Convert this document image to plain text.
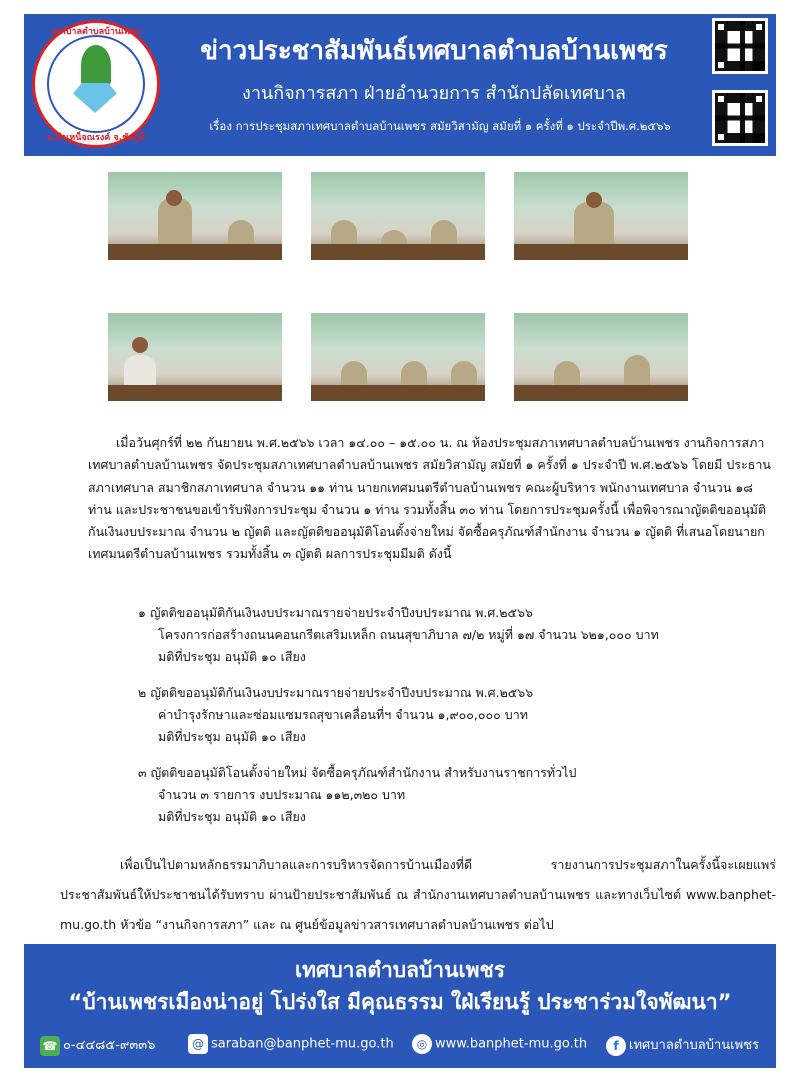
เทศบาลตำบลบ้านเพชร
อ.บำเหน็จณรงค์ จ.ชัยภูมิ
ข่าวประชาสัมพันธ์เทศบาลตำบลบ้านเพชร
งานกิจการสภา ฝ่ายอำนวยการ สำนักปลัดเทศบาล
เรื่อง การประชุมสภาเทศบาลตำบลบ้านเพชร สมัยวิสามัญ สมัยที่ ๑ ครั้งที่ ๑ ประจำปีพ.ศ.๒๕๖๖

เมื่อวันศุกร์ที่ ๒๒ กันยายน พ.ศ.๒๕๖๖ เวลา ๑๔.๐๐ – ๑๕.๐๐ น. ณ ห้องประชุมสภาเทศบาลตำบลบ้านเพชร งานกิจการสภาเทศบาลตำบลบ้านเพชร จัดประชุมสภาเทศบาลตำบลบ้านเพชร สมัยวิสามัญ สมัยที่ ๑ ครั้งที่ ๑ ประจำปี พ.ศ.๒๕๖๖ โดยมี ประธานสภาเทศบาล สมาชิกสภาเทศบาล จำนวน ๑๑ ท่าน นายกเทศมนตรีตำบลบ้านเพชร คณะผู้บริหาร พนักงานเทศบาล จำนวน ๑๘ ท่าน และประชาชนขอเข้ารับฟังการประชุม จำนวน ๑ ท่าน รวมทั้งสิ้น ๓๐ ท่าน โดยการประชุมครั้งนี้ เพื่อพิจารณาญัตติขออนุมัติกันเงินงบประมาณ จำนวน ๒ ญัตติ และญัตติขออนุมัติโอนตั้งจ่ายใหม่ จัดซื้อครุภัณฑ์สำนักงาน จำนวน ๑ ญัตติ ที่เสนอโดยนายกเทศมนตรีตำบลบ้านเพชร รวมทั้งสิ้น ๓ ญัตติ ผลการประชุมมีมติ ดังนี้

๑ ญัตติขออนุมัติกันเงินงบประมาณรายจ่ายประจำปีงบประมาณ พ.ศ.๒๕๖๖
โครงการก่อสร้างถนนคอนกรีตเสริมเหล็ก ถนนสุขาภิบาล ๗/๒ หมู่ที่ ๑๗ จำนวน ๖๒๑,๐๐๐ บาท
มติที่ประชุม อนุมัติ ๑๐ เสียง
๒ ญัตติขออนุมัติกันเงินงบประมาณรายจ่ายประจำปีงบประมาณ พ.ศ.๒๕๖๖
ค่าบำรุงรักษาและซ่อมแซมรถสุขาเคลื่อนที่ฯ จำนวน ๑,๙๐๐,๐๐๐ บาท
มติที่ประชุม อนุมัติ ๑๐ เสียง
๓ ญัตติขออนุมัติโอนตั้งจ่ายใหม่ จัดซื้อครุภัณฑ์สำนักงาน สำหรับงานราชการทั่วไป
จำนวน ๓ รายการ งบประมาณ ๑๑๒,๓๒๐ บาท
มติที่ประชุม อนุมัติ ๑๐ เสียง
เพื่อเป็นไปตามหลักธรรมาภิบาลและการบริหารจัดการบ้านเมืองที่ดี รายงานการประชุมสภาในครั้งนี้จะเผยแพร่ประชาสัมพันธ์ให้ประชาชนได้รับทราบ ผ่านป้ายประชาสัมพันธ์ ณ สำนักงานเทศบาลตำบลบ้านเพชร และทางเว็บไซต์ www.banphet-mu.go.th หัวข้อ “งานกิจการสภา” และ ณ ศูนย์ข้อมูลข่าวสารเทศบาลตำบลบ้านเพชร ต่อไป
เทศบาลตำบลบ้านเพชร
“บ้านเพชรเมืองน่าอยู่ โปร่งใส มีคุณธรรม ใฝ่เรียนรู้ ประชาร่วมใจพัฒนา”
☎ ๐-๔๔๘๕-๙๓๓๖	@ saraban@banphet-mu.go.th	◎ www.banphet-mu.go.th	f เทศบาลตำบลบ้านเพชร
